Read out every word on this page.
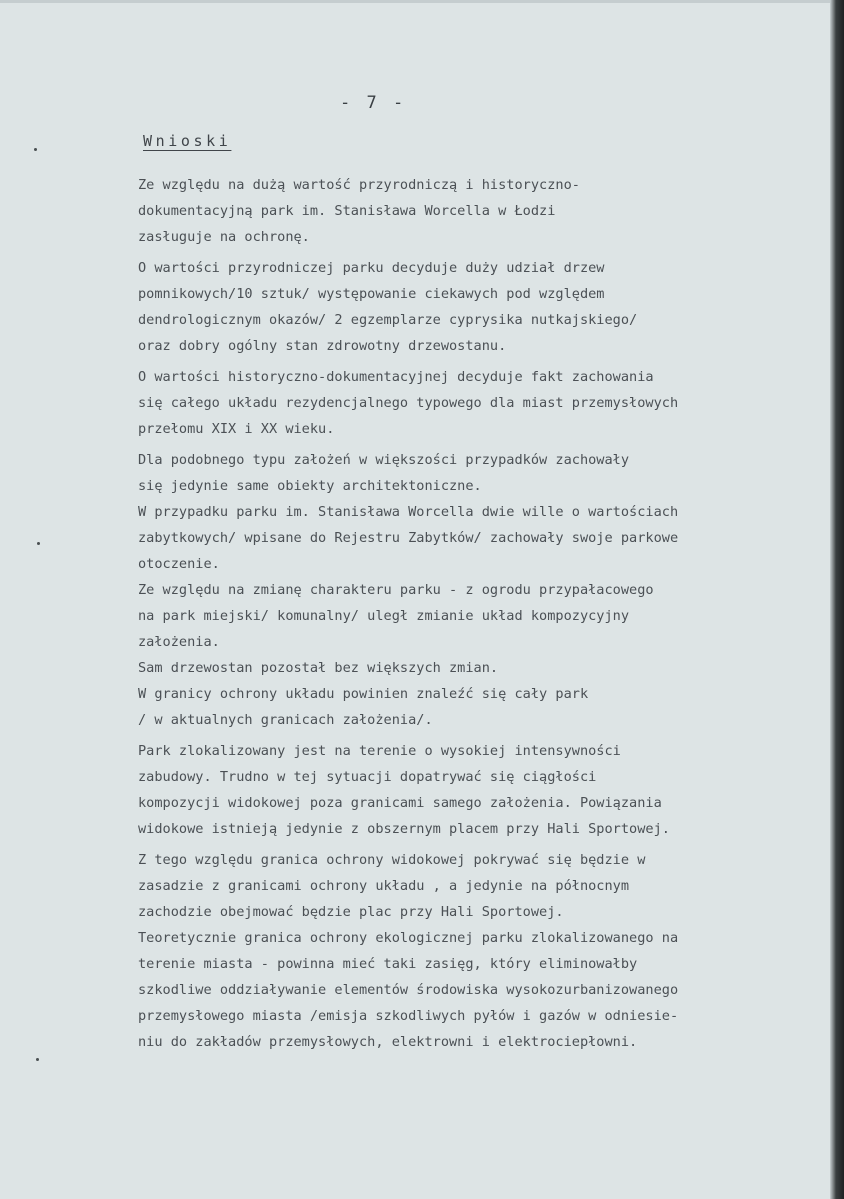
- 7 -
Wnioski
Ze względu na dużą wartość przyrodniczą i historyczno-
dokumentacyjną park im. Stanisława Worcella w Łodzi
zasługuje na ochronę.
O wartości przyrodniczej parku decyduje duży udział drzew
pomnikowych/10 sztuk/ występowanie ciekawych pod względem
dendrologicznym okazów/ 2 egzemplarze cyprysika nutkajskiego/
oraz dobry ogólny stan zdrowotny drzewostanu.
O wartości historyczno-dokumentacyjnej decyduje fakt zachowania
się całego układu rezydencjalnego typowego dla miast przemysłowych
przełomu XIX i XX wieku.
Dla podobnego typu założeń w większości przypadków zachowały
się jedynie same obiekty architektoniczne.
W przypadku parku im. Stanisława Worcella dwie wille o wartościach
zabytkowych/ wpisane do Rejestru Zabytków/ zachowały swoje parkowe
otoczenie.
Ze względu na zmianę charakteru parku - z ogrodu przypałacowego
na park miejski/ komunalny/ uległ zmianie układ kompozycyjny
założenia.
Sam drzewostan pozostał bez większych zmian.
W granicy ochrony układu powinien znaleźć się cały park
/ w aktualnych granicach założenia/.
Park zlokalizowany jest na terenie o wysokiej intensywności
zabudowy. Trudno w tej sytuacji dopatrywać się ciągłości
kompozycji widokowej poza granicami samego założenia. Powiązania
widokowe istnieją jedynie z obszernym placem przy Hali Sportowej.
Z tego względu granica ochrony widokowej pokrywać się będzie w
zasadzie z granicami ochrony układu , a jedynie na północnym
zachodzie obejmować będzie plac przy Hali Sportowej.
Teoretycznie granica ochrony ekologicznej parku zlokalizowanego na
terenie miasta - powinna mieć taki zasięg, który eliminowałby
szkodliwe oddziaływanie elementów środowiska wysokozurbanizowanego
przemysłowego miasta /emisja szkodliwych pyłów i gazów w odniesie-
niu do zakładów przemysłowych, elektrowni i elektrociepłowni.
